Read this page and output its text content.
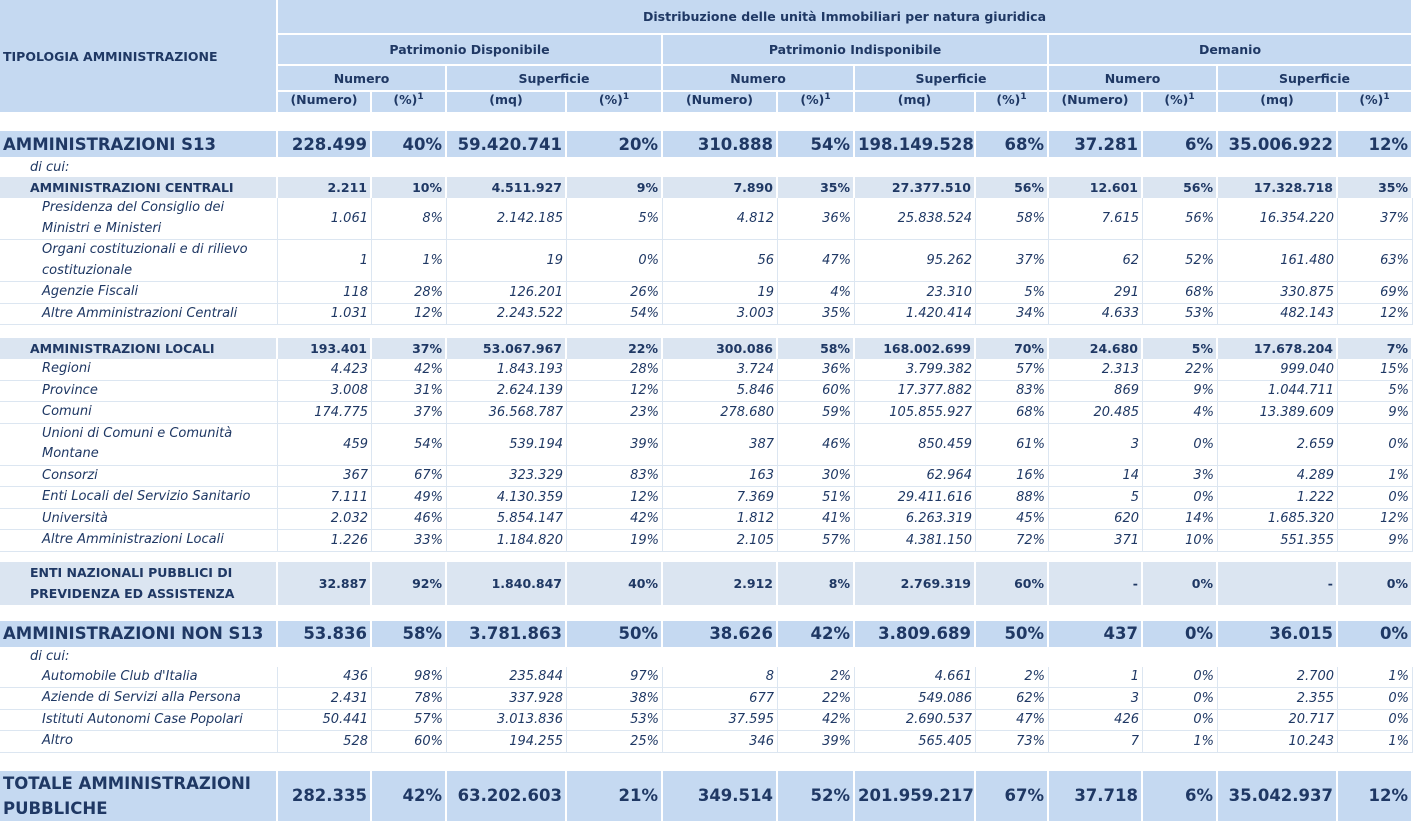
TIPOLOGIA AMMINISTRAZIONE	Distribuzione delle unità Immobiliari per natura giuridica											
	Patrimonio Disponibile				Patrimonio Indisponibile				Demanio			
	Numero		Superficie		Numero		Superficie		Numero		Superficie	
	(Numero)	(%)$^1$	(mq)	(%)$^1$	(Numero)	(%)$^1$	(mq)	(%)$^1$	(Numero)	(%)$^1$	(mq)	(%)$^1$

AMMINISTRAZIONI S13	228.499	40%	59.420.741	20%	310.888	54%	198.149.528	68%	37.281	6%	35.006.922	12%
di cui:												
AMMINISTRAZIONI CENTRALI	2.211	10%	4.511.927	9%	7.890	35%	27.377.510	56%	12.601	56%	17.328.718	35%
Presidenza del Consiglio dei Ministri e Ministeri	1.061	8%	2.142.185	5%	4.812	36%	25.838.524	58%	7.615	56%	16.354.220	37%
Organi costituzionali e di rilievo costituzionale	1	1%	19	0%	56	47%	95.262	37%	62	52%	161.480	63%
Agenzie Fiscali	118	28%	126.201	26%	19	4%	23.310	5%	291	68%	330.875	69%
Altre Amministrazioni Centrali	1.031	12%	2.243.522	54%	3.003	35%	1.420.414	34%	4.633	53%	482.143	12%

AMMINISTRAZIONI LOCALI	193.401	37%	53.067.967	22%	300.086	58%	168.002.699	70%	24.680	5%	17.678.204	7%
Regioni	4.423	42%	1.843.193	28%	3.724	36%	3.799.382	57%	2.313	22%	999.040	15%
Province	3.008	31%	2.624.139	12%	5.846	60%	17.377.882	83%	869	9%	1.044.711	5%
Comuni	174.775	37%	36.568.787	23%	278.680	59%	105.855.927	68%	20.485	4%	13.389.609	9%
Unioni di Comuni e Comunità Montane	459	54%	539.194	39%	387	46%	850.459	61%	3	0%	2.659	0%
Consorzi	367	67%	323.329	83%	163	30%	62.964	16%	14	3%	4.289	1%
Enti Locali del Servizio Sanitario	7.111	49%	4.130.359	12%	7.369	51%	29.411.616	88%	5	0%	1.222	0%
Università	2.032	46%	5.854.147	42%	1.812	41%	6.263.319	45%	620	14%	1.685.320	12%
Altre Amministrazioni Locali	1.226	33%	1.184.820	19%	2.105	57%	4.381.150	72%	371	10%	551.355	9%

ENTI NAZIONALI PUBBLICI DI PREVIDENZA ED ASSISTENZA	32.887	92%	1.840.847	40%	2.912	8%	2.769.319	60%	-	0%	-	0%

AMMINISTRAZIONI NON S13	53.836	58%	3.781.863	50%	38.626	42%	3.809.689	50%	437	0%	36.015	0%
di cui:												
Automobile Club d'Italia	436	98%	235.844	97%	8	2%	4.661	2%	1	0%	2.700	1%
Aziende di Servizi alla Persona	2.431	78%	337.928	38%	677	22%	549.086	62%	3	0%	2.355	0%
Istituti Autonomi Case Popolari	50.441	57%	3.013.836	53%	37.595	42%	2.690.537	47%	426	0%	20.717	0%
Altro	528	60%	194.255	25%	346	39%	565.405	73%	7	1%	10.243	1%

TOTALE AMMINISTRAZIONI PUBBLICHE	282.335	42%	63.202.603	21%	349.514	52%	201.959.217	67%	37.718	6%	35.042.937	12%
